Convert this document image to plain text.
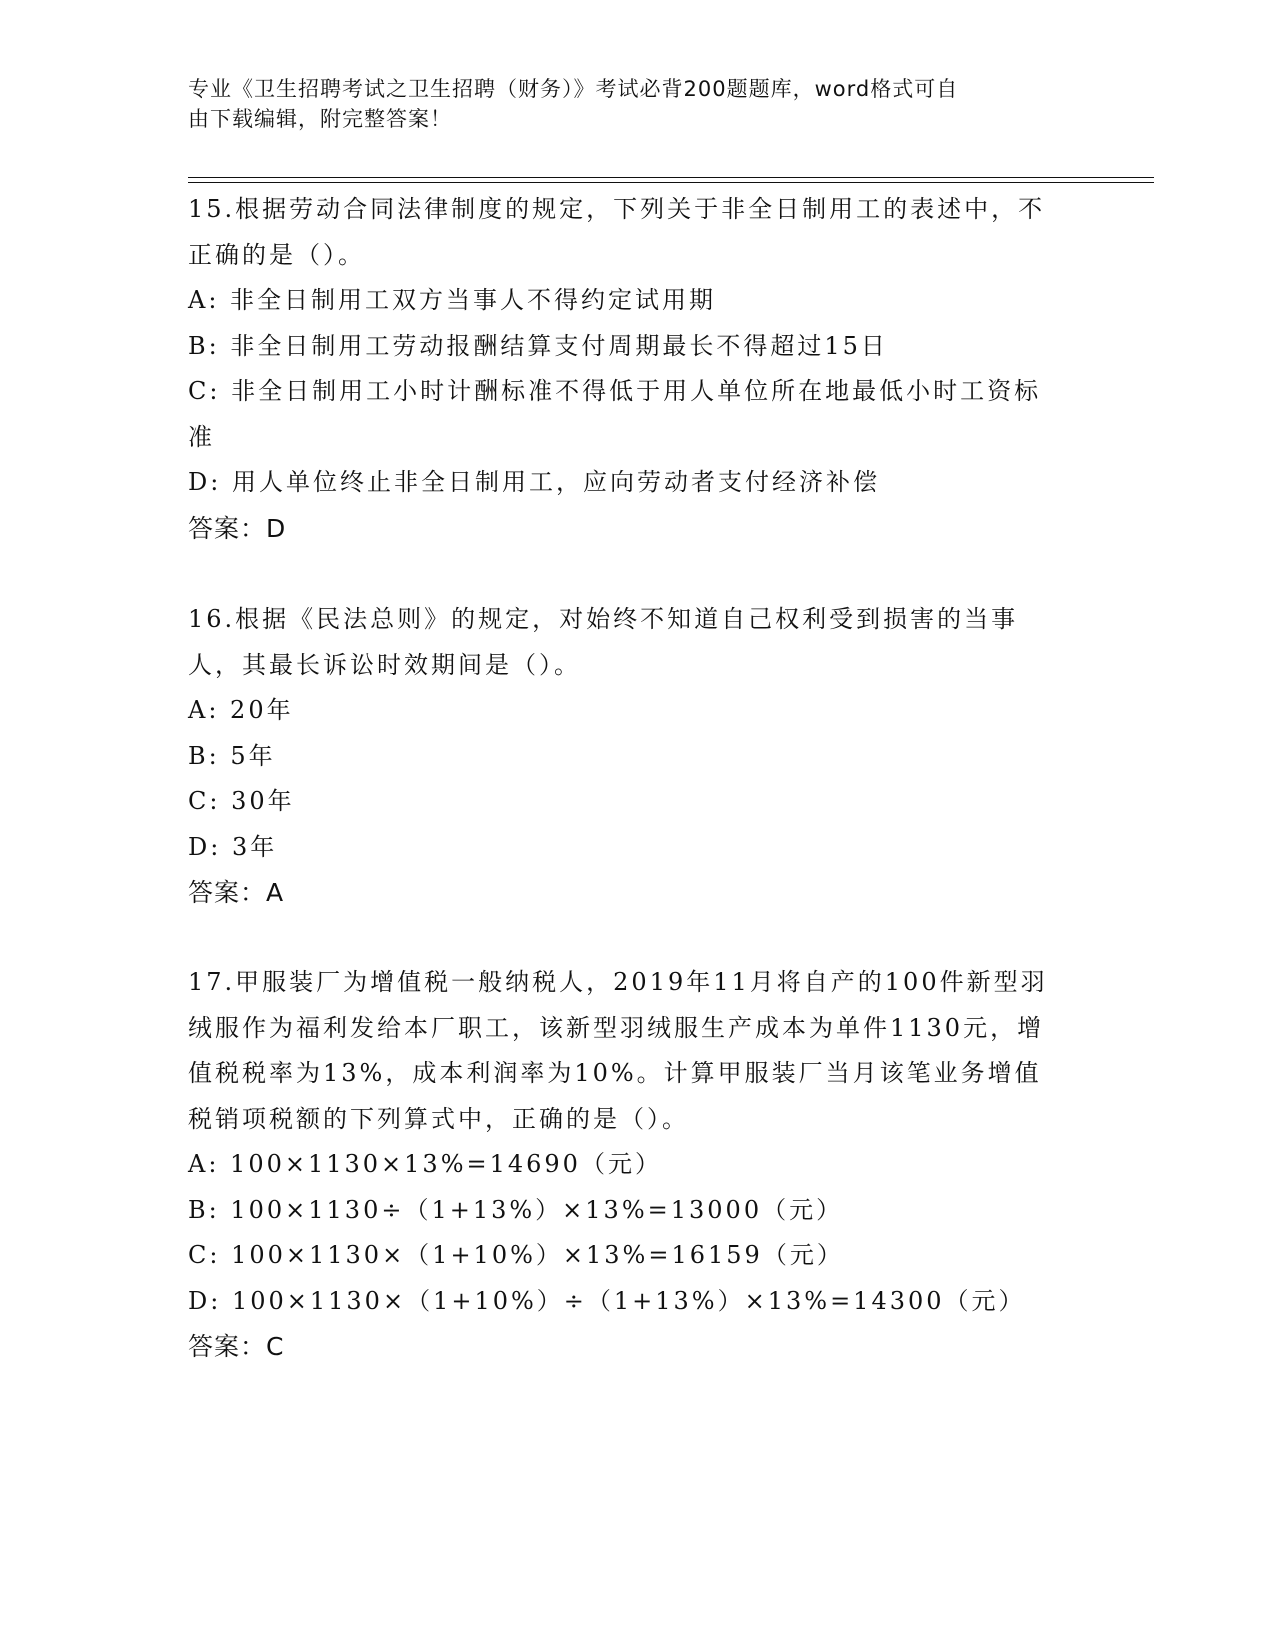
专业《卫生招聘考试之卫生招聘（财务）》考试必背200题题库，word格式可自
由下载编辑，附完整答案！

15.根据劳动合同法律制度的规定，下列关于非全日制用工的表述中，不正确的是（）。

A: 非全日制用工双方当事人不得约定试用期

B: 非全日制用工劳动报酬结算支付周期最长不得超过15日

C: 非全日制用工小时计酬标准不得低于用人单位所在地最低小时工资标准

D: 用人单位终止非全日制用工，应向劳动者支付经济补偿

答案：D

16.根据《民法总则》的规定，对始终不知道自己权利受到损害的当事人，其最长诉讼时效期间是（）。

A: 20年

B: 5年

C: 30年

D: 3年

答案：A

17.甲服装厂为增值税一般纳税人，2019年11月将自产的100件新型羽绒服作为福利发给本厂职工，该新型羽绒服生产成本为单件1130元，增值税税率为13%，成本利润率为10%。计算甲服装厂当月该笔业务增值税销项税额的下列算式中，正确的是（）。

A: 100×1130×13%=14690（元）

B: 100×1130÷（1+13%）×13%=13000（元）

C: 100×1130×（1+10%）×13%=16159（元）

D: 100×1130×（1+10%）÷（1+13%）×13%=14300（元）

答案：C
